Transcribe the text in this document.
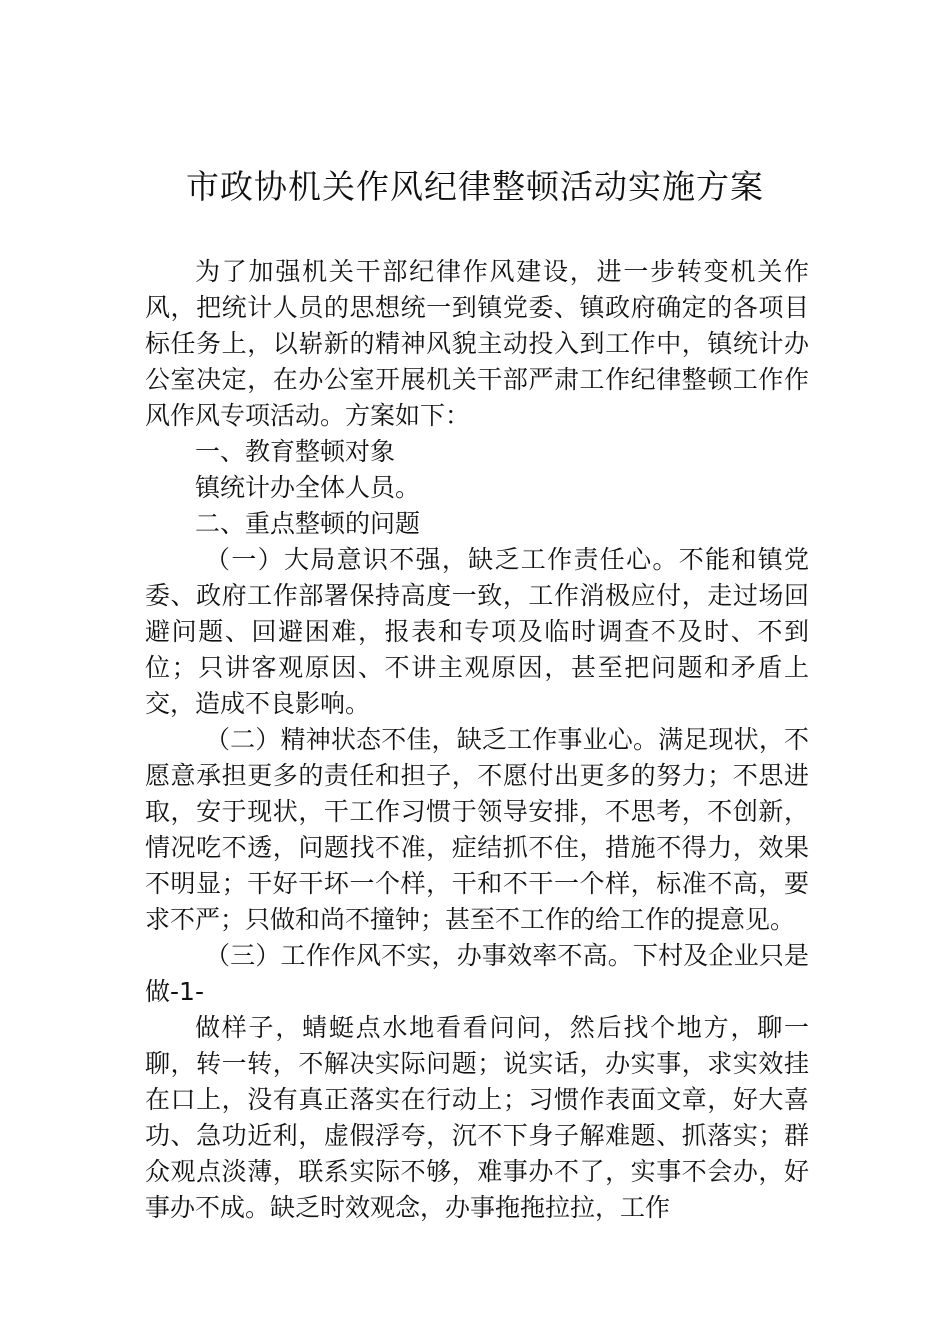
市政协机关作风纪律整顿活动实施方案

为了加强机关干部纪律作风建设，进一步转变机关作风，把统计人员的思想统一到镇党委、镇政府确定的各项目标任务上，以崭新的精神风貌主动投入到工作中，镇统计办公室决定，在办公室开展机关干部严肃工作纪律整顿工作作风作风专项活动。方案如下：

一、教育整顿对象

镇统计办全体人员。

二、重点整顿的问题

（一）大局意识不强，缺乏工作责任心。不能和镇党委、政府工作部署保持高度一致，工作消极应付，走过场回避问题、回避困难，报表和专项及临时调查不及时、不到位；只讲客观原因、不讲主观原因，甚至把问题和矛盾上交，造成不良影响。

（二）精神状态不佳，缺乏工作事业心。满足现状，不愿意承担更多的责任和担子，不愿付出更多的努力；不思进取，安于现状，干工作习惯于领导安排，不思考，不创新，情况吃不透，问题找不准，症结抓不住，措施不得力，效果不明显；干好干坏一个样，干和不干一个样，标准不高，要求不严；只做和尚不撞钟；甚至不工作的给工作的提意见。

（三）工作作风不实，办事效率不高。下村及企业只是做-1-

做样子，蜻蜓点水地看看问问，然后找个地方，聊一聊，转一转，不解决实际问题；说实话，办实事，求实效挂在口上，没有真正落实在行动上；习惯作表面文章，好大喜功、急功近利，虚假浮夸，沉不下身子解难题、抓落实；群众观点淡薄，联系实际不够，难事办不了，实事不会办，好事办不成。缺乏时效观念，办事拖拖拉拉，工作
